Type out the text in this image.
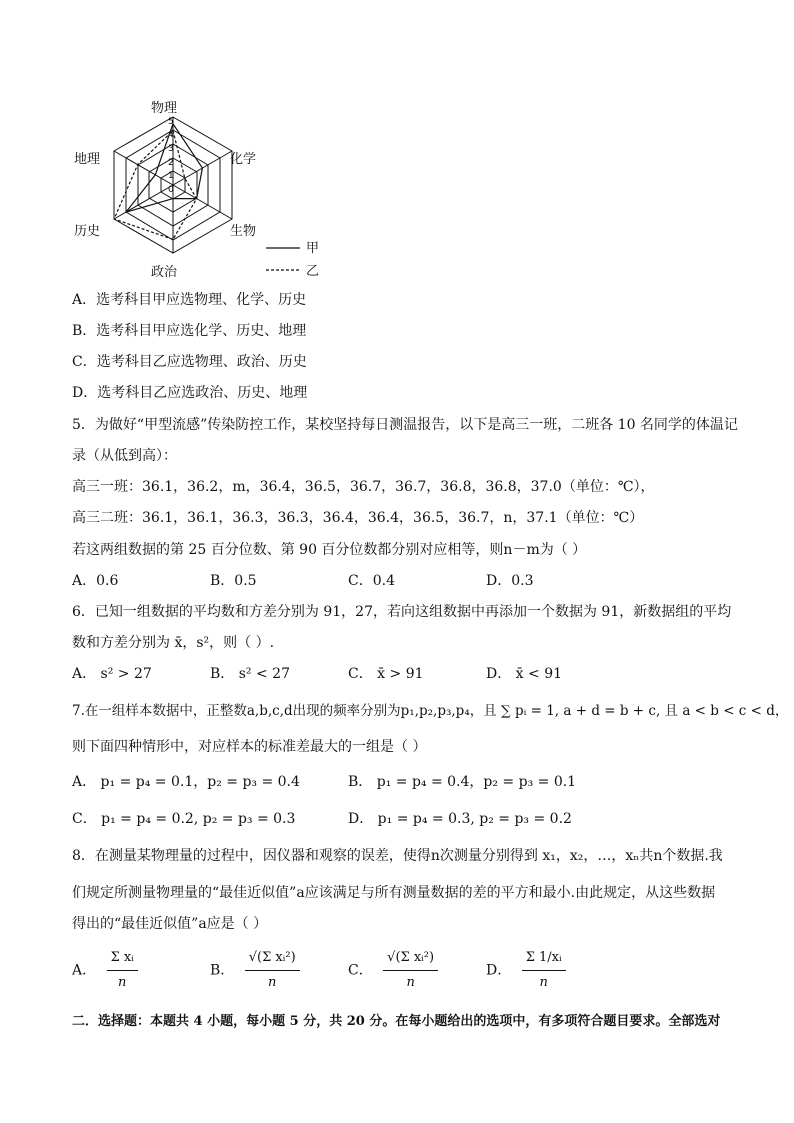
5
4
3
2
1
0
物理
化学
生物
政治
历史
地理
甲
乙
A．选考科目甲应选物理、化学、历史
B．选考科目甲应选化学、历史、地理
C．选考科目乙应选物理、政治、历史
D．选考科目乙应选政治、历史、地理
5．为做好“甲型流感”传染防控工作，某校坚持每日测温报告，以下是高三一班，二班各 10 名同学的体温记
录（从低到高）：
高三一班：36.1，36.2，m，36.4，36.5，36.7，36.7，36.8，36.8，37.0（单位：℃），
高三二班：36.1，36.1，36.3，36.3，36.4，36.4，36.5，36.7，n，37.1（单位：℃）
若这两组数据的第 25 百分位数、第 90 百分位数都分别对应相等，则n－m为（ ）
A．0.6	B．0.5	C．0.4	D．0.3
6．已知一组数据的平均数和方差分别为 91，27，若向这组数据中再添加一个数据为 91，新数据组的平均
数和方差分别为 x̄，s²，则（ ）.
A． s² > 27	B． s² < 27	C． x̄ > 91	D． x̄ < 91
7.在一组样本数据中，正整数a,b,c,d出现的频率分别为p₁,p₂,p₃,p₄，且 ∑ pᵢ = 1, a + d = b + c, 且 a < b < c < d，
则下面四种情形中，对应样本的标准差最大的一组是（ ）
A． p₁ = p₄ = 0.1，p₂ = p₃ = 0.4	B． p₁ = p₄ = 0.4，p₂ = p₃ = 0.1
C． p₁ = p₄ = 0.2, p₂ = p₃ = 0.3	D． p₁ = p₄ = 0.3, p₂ = p₃ = 0.2
8．在测量某物理量的过程中，因仪器和观察的误差，使得n次测量分别得到 x₁，x₂，…，xₙ共n个数据.我
们规定所测量物理量的“最佳近似值”a应该满足与所有测量数据的差的平方和最小.由此规定，从这些数据
得出的“最佳近似值”a应是（ ）
A． $\frac{\text{Σ xᵢ}}{n}$	B． $\frac{\text{√(Σ xᵢ²)}}{n}$	C． $\frac{\text{√(Σ xᵢ²)}}{n}$	D． $\frac{\text{Σ 1/xᵢ}}{n}$
二．选择题：本题共 4 小题，每小题 5 分，共 20 分。在每小题给出的选项中，有多项符合题目要求。全部选对
